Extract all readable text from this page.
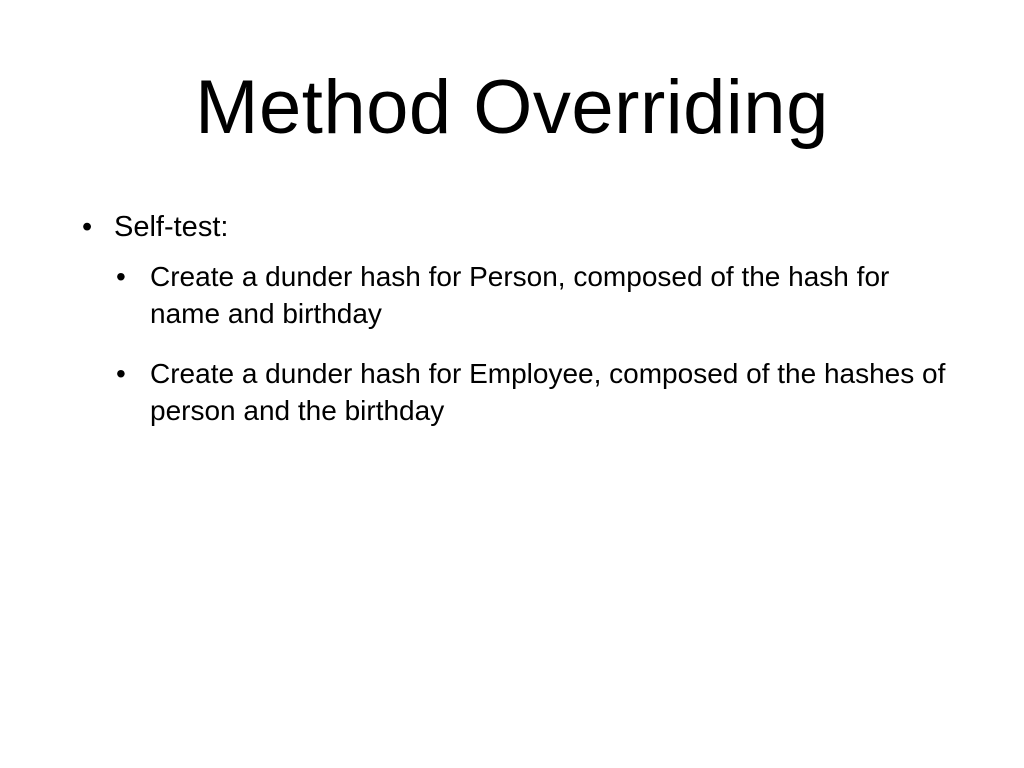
Method Overriding
• Self-test:
• Create a dunder hash for Person, composed of the hash for name and birthday
• Create a dunder hash for Employee, composed of the hashes of person and the birthday
